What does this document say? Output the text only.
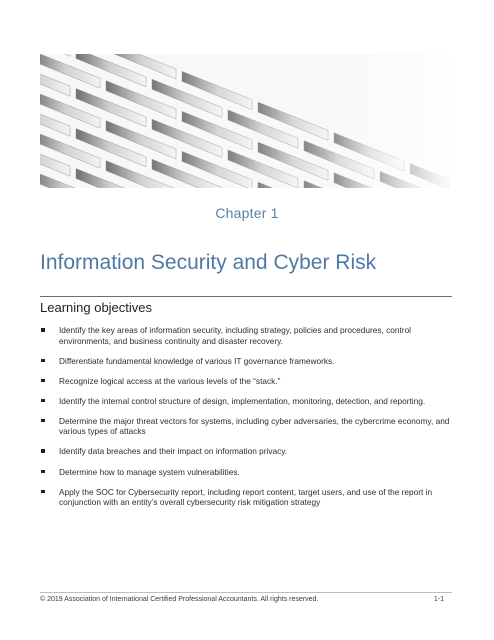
Chapter 1
Information Security and Cyber Risk
Learning objectives
Identify the key areas of information security, including strategy, policies and procedures, control environments, and business continuity and disaster recovery.
Differentiate fundamental knowledge of various IT governance frameworks.
Recognize logical access at the various levels of the “stack.”
Identify the internal control structure of design, implementation, monitoring, detection, and reporting.
Determine the major threat vectors for systems, including cyber adversaries, the cybercrime economy, and various types of attacks
Identify data breaches and their impact on information privacy.
Determine how to manage system vulnerabilities.
Apply the SOC for Cybersecurity report, including report content, target users, and use of the report in conjunction with an entity’s overall cybersecurity risk mitigation strategy
© 2019 Association of International Certified Professional Accountants. All rights reserved.	1-1
